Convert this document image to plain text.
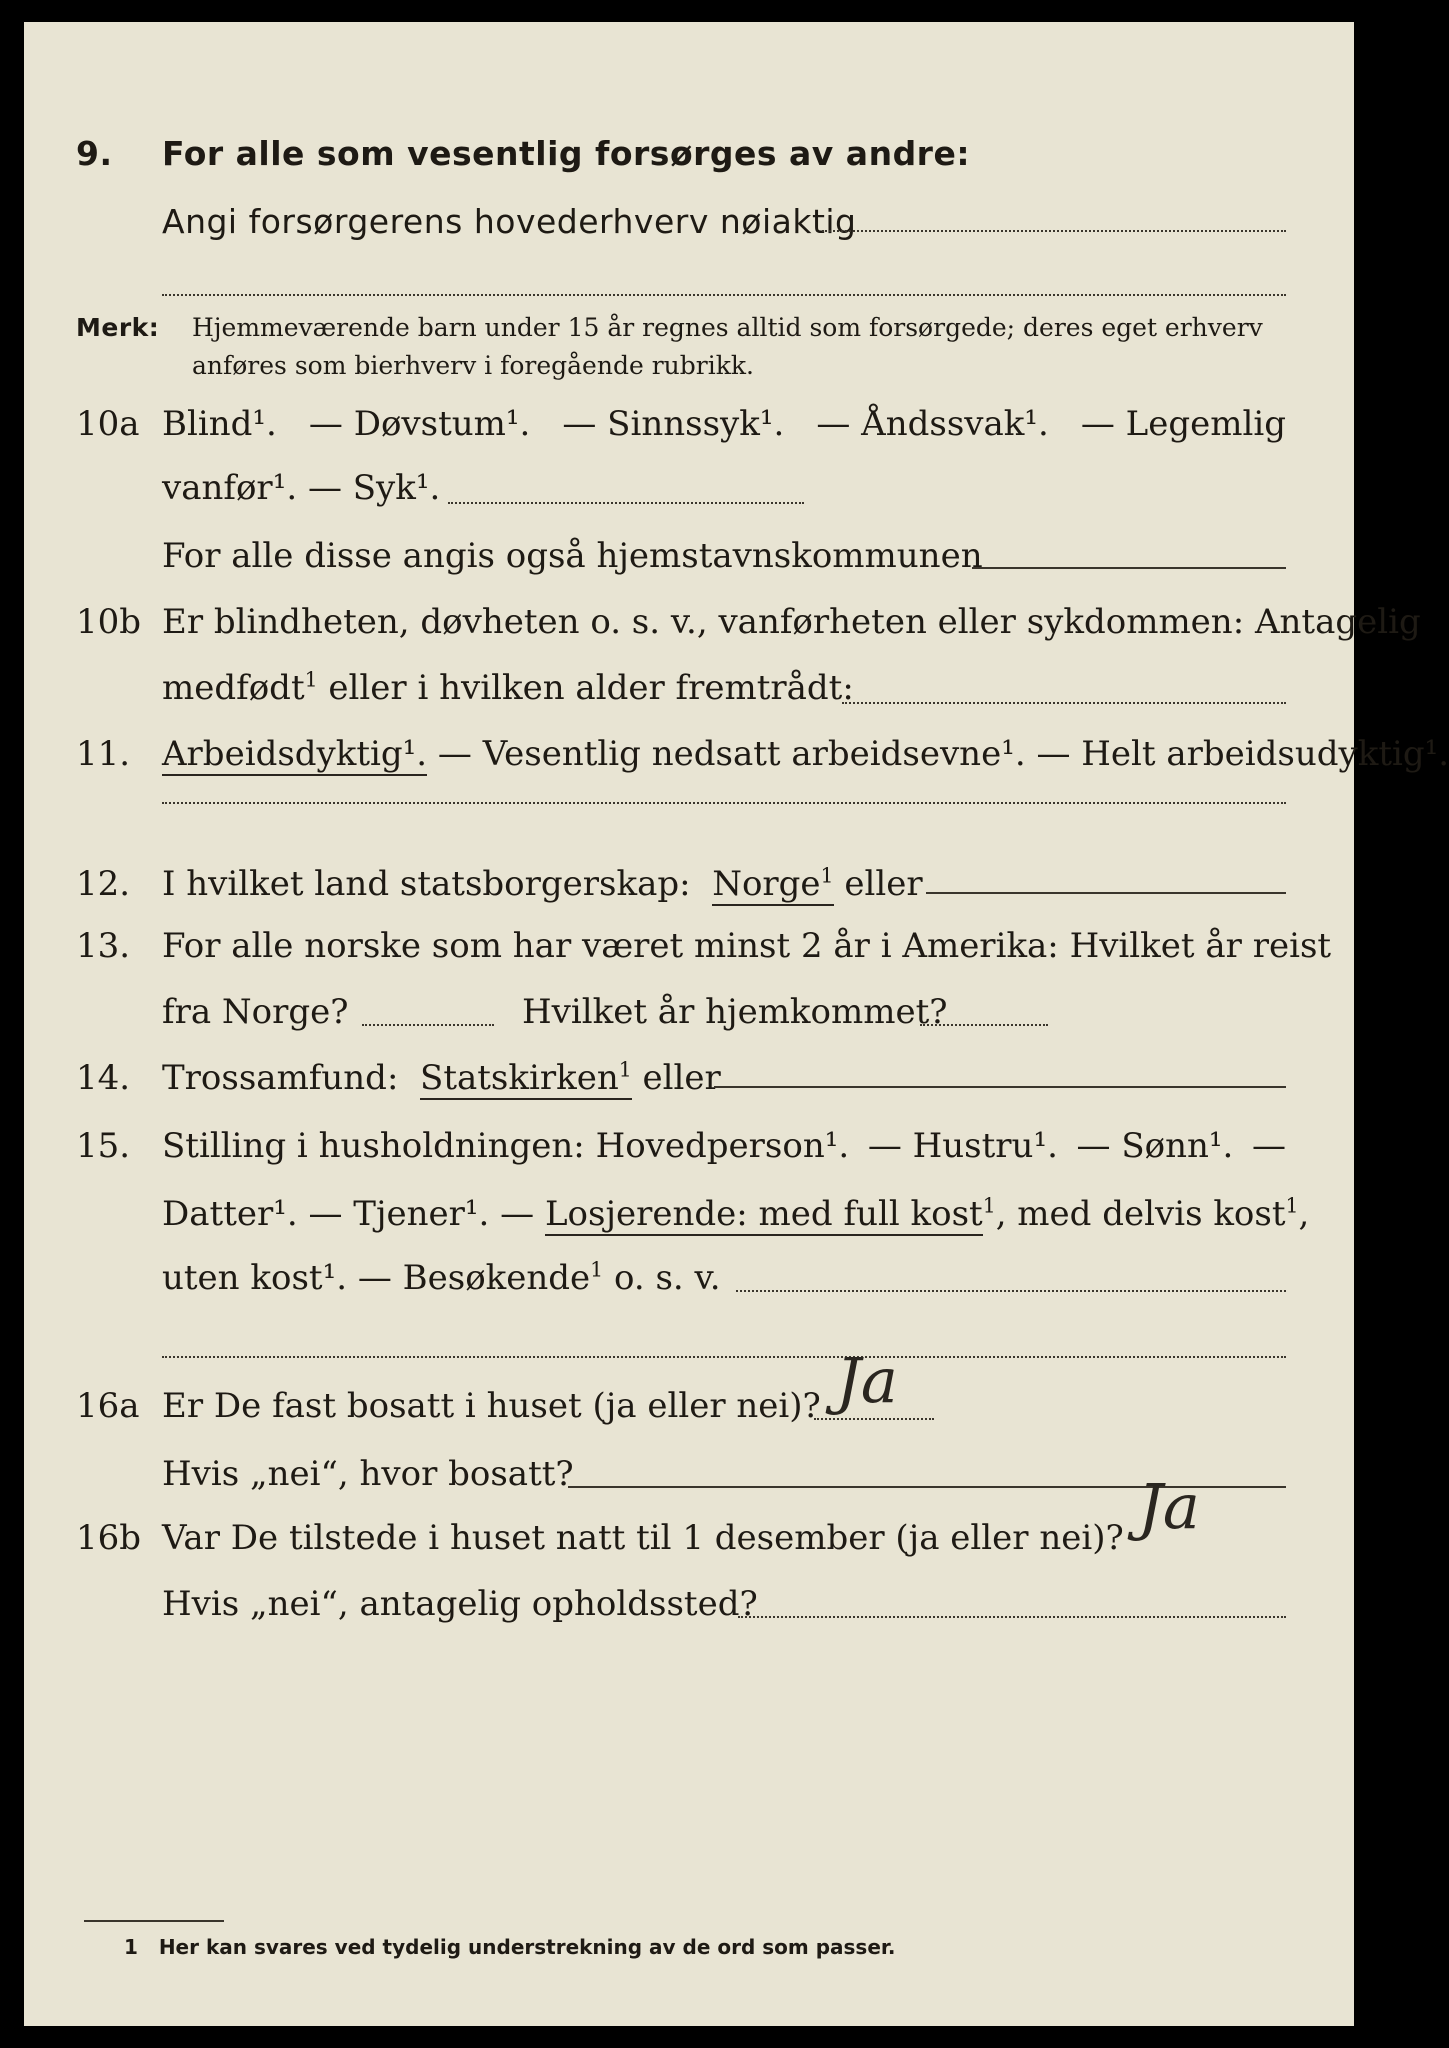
9. For alle som vesentlig forsørges av andre:
Angi forsørgerens hovederhverv nøiaktig
Merk: Hjemmeværende barn under 15 år regnes alltid som forsørgede; deres eget erhverv
anføres som bierhverv i foregående rubrikk.
10a Blind¹. — Døvstum¹. — Sinnssyk¹. — Åndssvak¹. — Legemlig
vanfør¹. — Syk¹.
For alle disse angis også hjemstavnskommunen
10b Er blindheten, døvheten o. s. v., vanførheten eller sykdommen: Antagelig
medfødt$^1$ eller i hvilken alder fremtrådt:
11. Arbeidsdyktig¹. — Vesentlig nedsatt arbeidsevne¹. — Helt arbeidsudyktig¹.
12. I hvilket land statsborgerskap: Norge$^1$ eller
13. For alle norske som har været minst 2 år i Amerika: Hvilket år reist
fra Norge?	Hvilket år hjemkommet?
14. Trossamfund: Statskirken$^1$ eller
15. Stilling i husholdningen: Hovedperson¹. — Hustru¹. — Sønn¹. —
Datter¹. — Tjener¹. — Losjerende: med full kost$^1$, med delvis kost$^1$,
uten kost¹. — Besøkende$^1$ o. s. v.
16a Er De fast bosatt i huset (ja eller nei)? Ja
Hvis „nei“, hvor bosatt?
16b Var De tilstede i huset natt til 1 desember (ja eller nei)? Ja
Hvis „nei“, antagelig opholdssted?
1 Her kan svares ved tydelig understrekning av de ord som passer.
